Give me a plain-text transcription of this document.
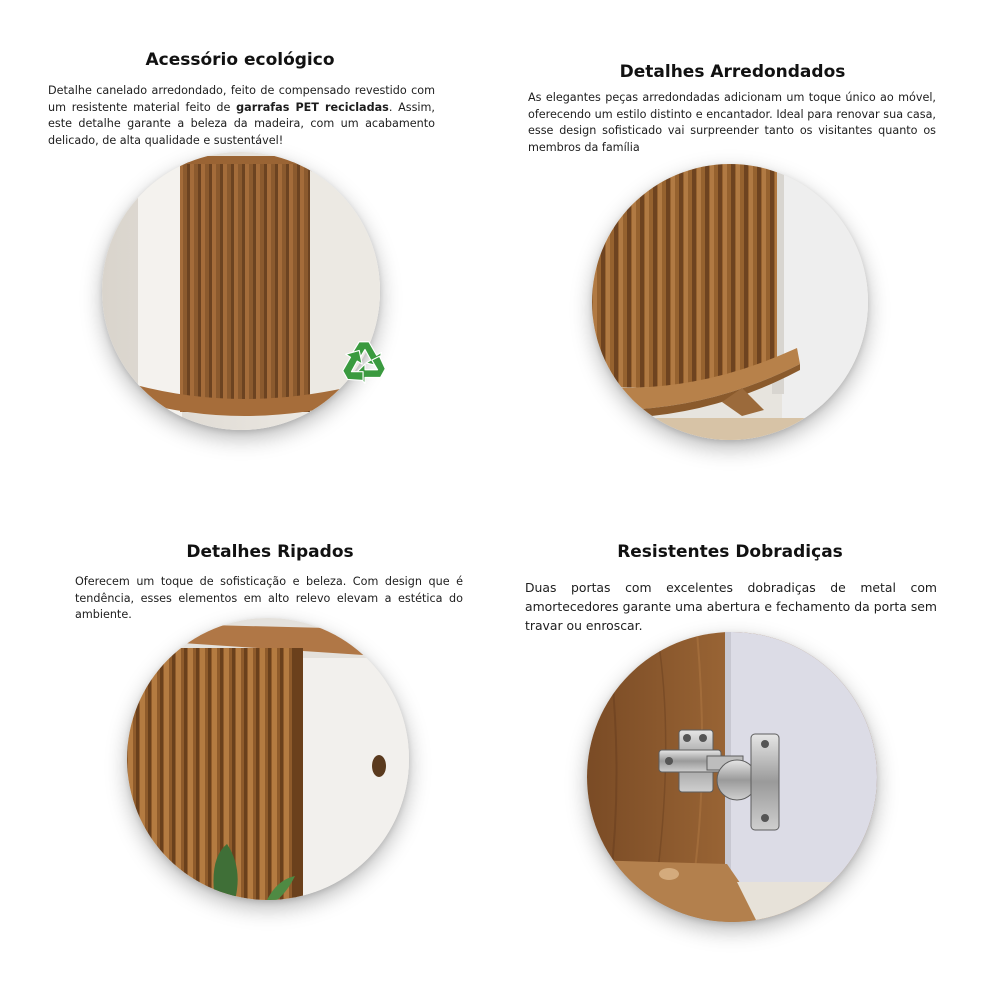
Acessório ecológico

Detalhe canelado arredondado, feito de compensado revestido com um resistente material feito de garrafas PET recicladas. Assim, este detalhe garante a beleza da madeira, com um acabamento delicado, de alta qualidade e sustentável!

Detalhes Arredondados

As elegantes peças arredondadas adicionam um toque único ao móvel, oferecendo um estilo distinto e encantador. Ideal para renovar sua casa, esse design sofisticado vai surpreender tanto os visitantes quanto os membros da família

Detalhes Ripados

Oferecem um toque de sofisticação e beleza. Com design que é tendência, esses elementos em alto relevo elevam a estética do ambiente.

Resistentes Dobradiças

Duas portas com excelentes dobradiças de metal com amortecedores garante uma abertura e fechamento da porta sem travar ou enroscar.
